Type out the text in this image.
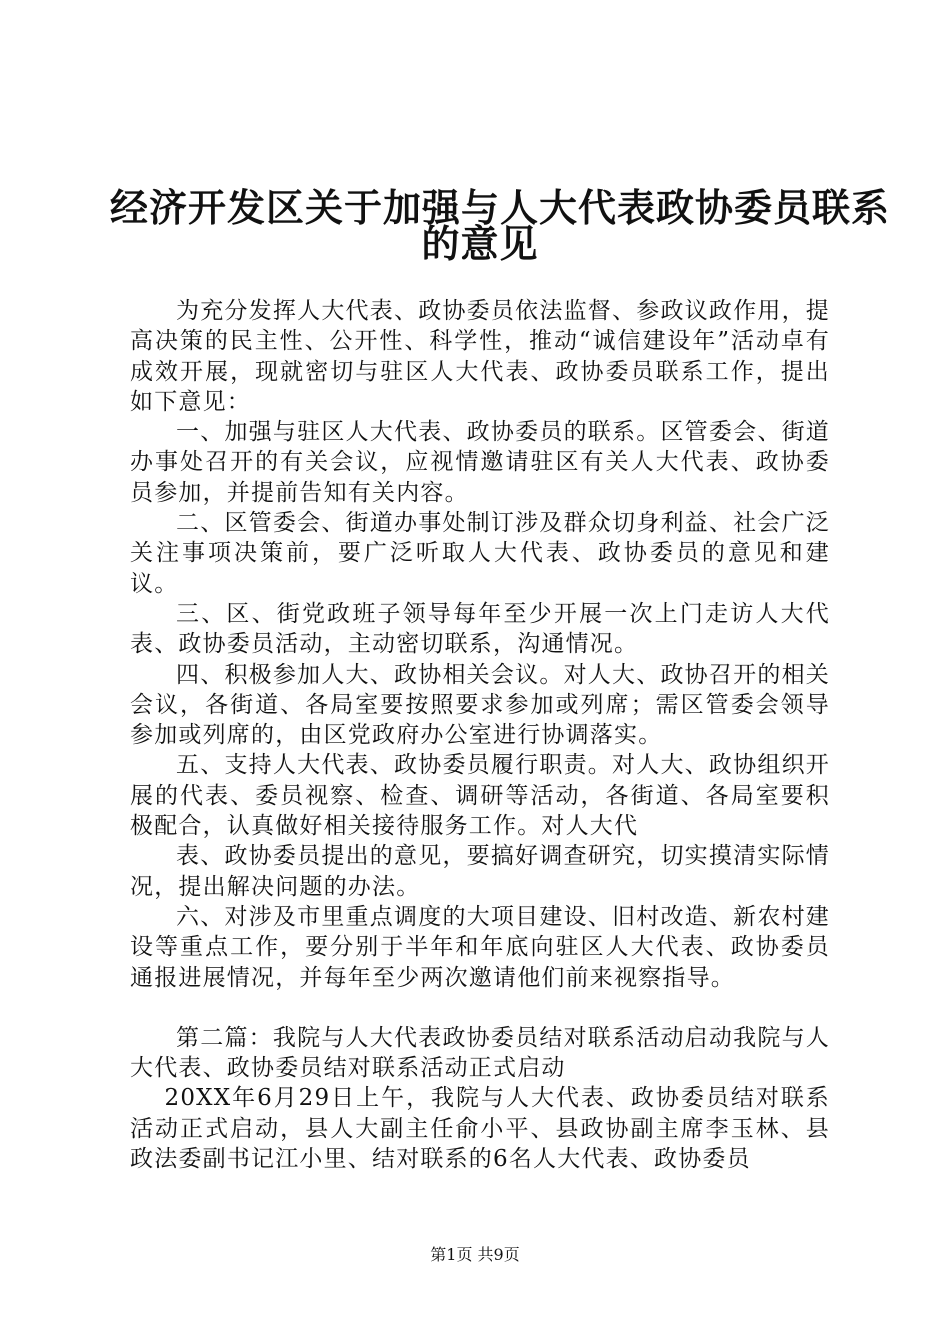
经济开发区关于加强与人大代表政协委员联系
的意见

为充分发挥人大代表、政协委员依法监督、参政议政作用，提高决策的民主性、公开性、科学性，推动“诚信建设年”活动卓有成效开展，现就密切与驻区人大代表、政协委员联系工作，提出如下意见：

一、加强与驻区人大代表、政协委员的联系。区管委会、街道办事处召开的有关会议，应视情邀请驻区有关人大代表、政协委员参加，并提前告知有关内容。

二、区管委会、街道办事处制订涉及群众切身利益、社会广泛关注事项决策前，要广泛听取人大代表、政协委员的意见和建议。

三、区、街党政班子领导每年至少开展一次上门走访人大代表、政协委员活动，主动密切联系，沟通情况。

四、积极参加人大、政协相关会议。对人大、政协召开的相关会议，各街道、各局室要按照要求参加或列席；需区管委会领导参加或列席的，由区党政府办公室进行协调落实。

五、支持人大代表、政协委员履行职责。对人大、政协组织开展的代表、委员视察、检查、调研等活动，各街道、各局室要积极配合，认真做好相关接待服务工作。对人大代

表、政协委员提出的意见，要搞好调查研究，切实摸清实际情况，提出解决问题的办法。

六、对涉及市里重点调度的大项目建设、旧村改造、新农村建设等重点工作，要分别于半年和年底向驻区人大代表、政协委员通报进展情况，并每年至少两次邀请他们前来视察指导。

第二篇：我院与人大代表政协委员结对联系活动启动我院与人大代表、政协委员结对联系活动正式启动

20XX年6月29日上午，我院与人大代表、政协委员结对联系活动正式启动，县人大副主任俞小平、县政协副主席李玉林、县政法委副书记江小里、结对联系的6名人大代表、政协委员

第1页 共9页
